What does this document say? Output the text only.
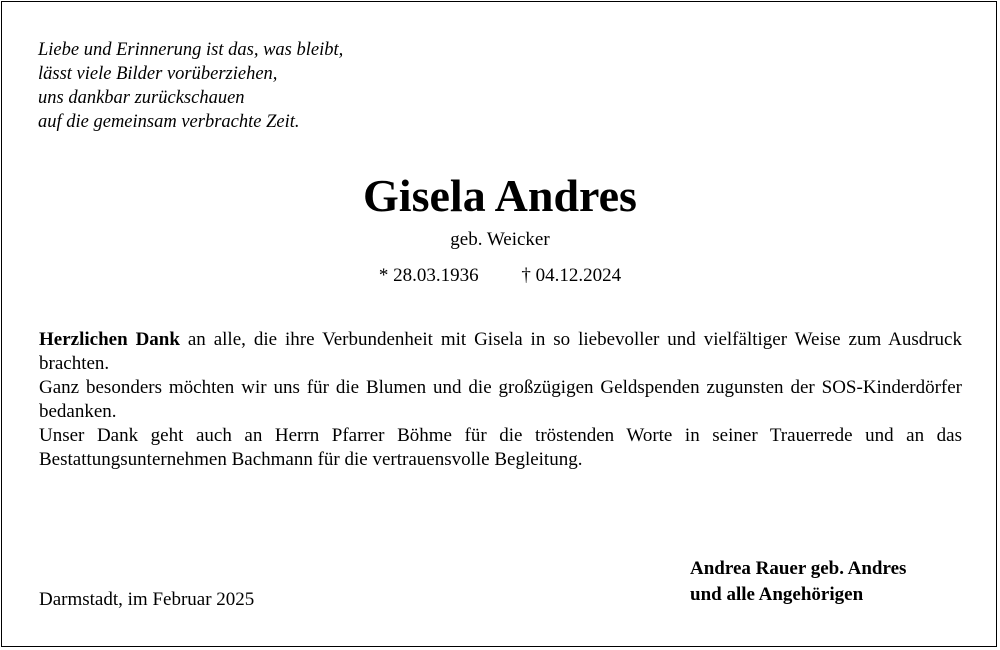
Liebe und Erinnerung ist das, was bleibt,
lässt viele Bilder vorüberziehen,
uns dankbar zurückschauen
auf die gemeinsam verbrachte Zeit.
Gisela Andres
geb. Weicker
* 28.03.1936 † 04.12.2024

Herzlichen Dank an alle, die ihre Verbundenheit mit Gisela in so liebevoller und vielfältiger Weise zum Ausdruck brachten.

Ganz besonders möchten wir uns für die Blumen und die großzügigen Geldspenden zugunsten der SOS-Kinderdörfer bedanken.

Unser Dank geht auch an Herrn Pfarrer Böhme für die tröstenden Worte in seiner Trauerrede und an das Bestattungsunternehmen Bachmann für die vertrauensvolle Begleitung.

Darmstadt, im Februar 2025
Andrea Rauer geb. Andres
und alle Angehörigen
